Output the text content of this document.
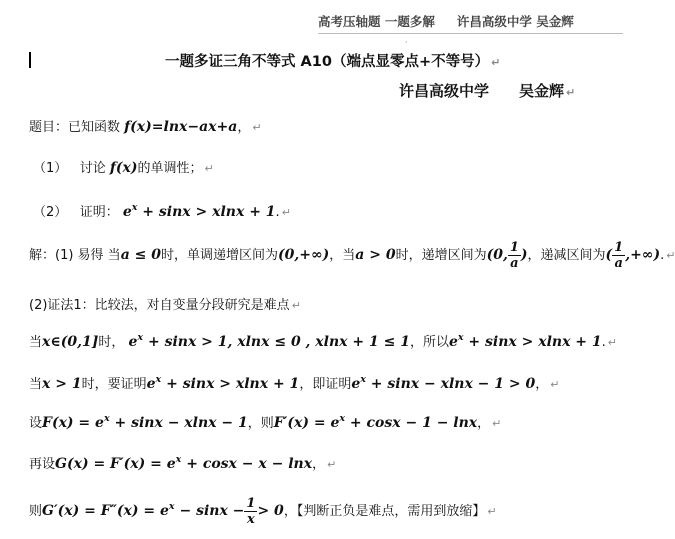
高考压轴题 一题多解 许昌高级中学 吴金辉
·
一题多证三角不等式 A10（端点显零点+不等号） ↵
许昌高级中学　　吴金辉 ↵
题目：已知函数 f(x)=lnx−ax+a， ↵
（1） 讨论 f(x)的单调性； ↵
（2） 证明： $e^x + \sin x > xlnx + 1$. ↵
解：(1) 易得 当a ≤ 0时，单调递增区间为(0,+∞)，当a > 0时，递增区间为(0, $\frac{1}{a}$ )，递减区间为( $\frac{1}{a}$ ,+∞). ↵
(2)证法1：比较法，对自变量分段研究是难点 ↵
当x∈(0,1]时， $e^x + \sin x > 1$, xlnx ≤ 0 , xlnx + 1 ≤ 1，所以$e^x + \sin x > xlnx + 1$. ↵
当x > 1时，要证明$e^x + \sin x > xlnx + 1$，即证明$e^x + \sin x - xlnx - 1 > 0$， ↵
设$F(x) = e^x + \sin x - xlnx - 1$，则$F'(x) = e^x + \cos x - 1 - \ln x$， ↵
再设$G(x) = F'(x) = e^x + \cos x - x - \ln x$， ↵
则$G'(x) = F''(x) = e^x - \sin x - \frac{1}{x} > 0$，【判断正负是难点，需用到放缩】 ↵
